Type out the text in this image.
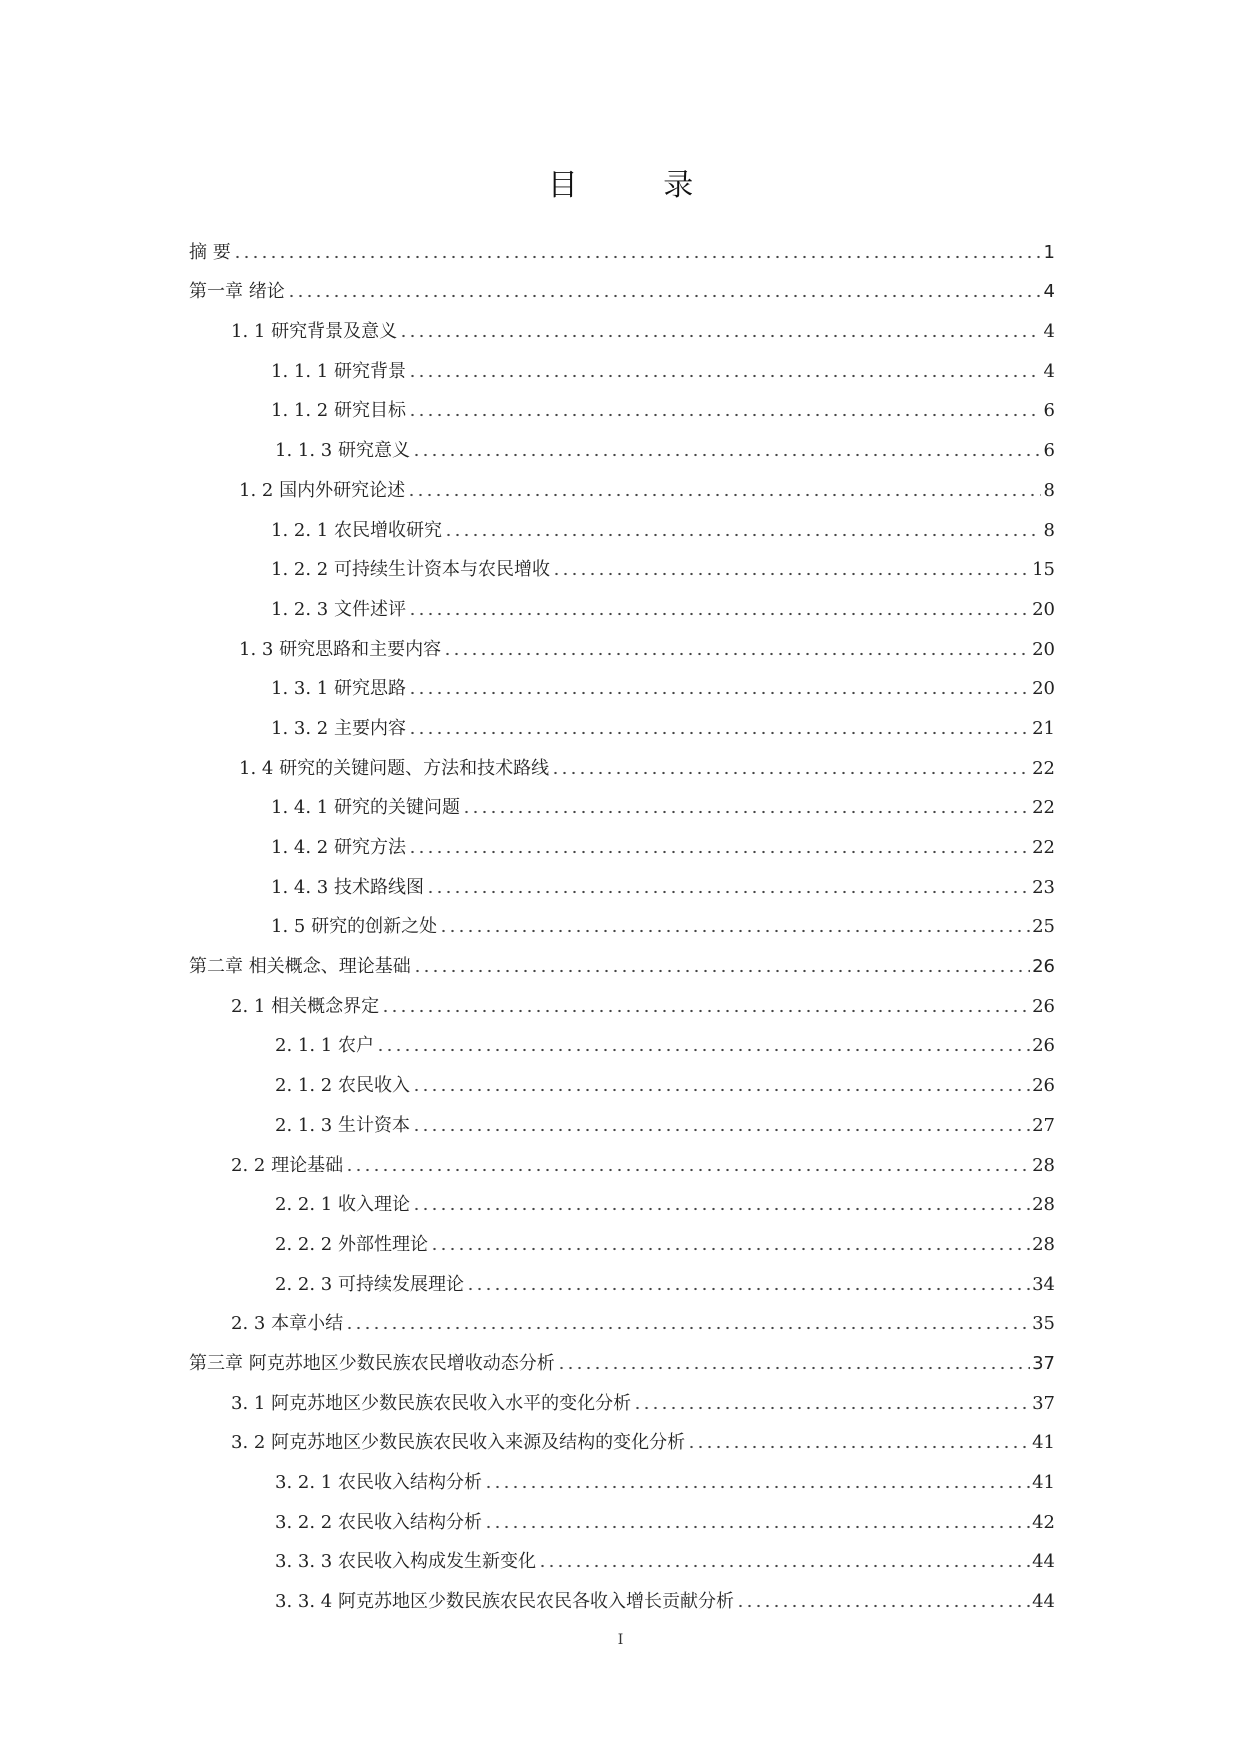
目 录
摘 要	1
第一章 绪论	4
1. 1 研究背景及意义	4
1. 1. 1 研究背景	4
1. 1. 2 研究目标	6
1. 1. 3 研究意义	6
1. 2 国内外研究论述	8
1. 2. 1 农民增收研究	8
1. 2. 2 可持续生计资本与农民增收	15
1. 2. 3 文件述评	20
1. 3 研究思路和主要内容	20
1. 3. 1 研究思路	20
1. 3. 2 主要内容	21
1. 4 研究的关键问题、方法和技术路线	22
1. 4. 1 研究的关键问题	22
1. 4. 2 研究方法	22
1. 4. 3 技术路线图	23
1. 5 研究的创新之处	25
第二章 相关概念、理论基础	26
2. 1 相关概念界定	26
2. 1. 1 农户	26
2. 1. 2 农民收入	26
2. 1. 3 生计资本	27
2. 2 理论基础	28
2. 2. 1 收入理论	28
2. 2. 2 外部性理论	28
2. 2. 3 可持续发展理论	34
2. 3 本章小结	35
第三章 阿克苏地区少数民族农民增收动态分析	37
3. 1 阿克苏地区少数民族农民收入水平的变化分析	37
3. 2 阿克苏地区少数民族农民收入来源及结构的变化分析	41
3. 2. 1 农民收入结构分析	41
3. 2. 2 农民收入结构分析	42
3. 3. 3 农民收入构成发生新变化	44
3. 3. 4 阿克苏地区少数民族农民农民各收入增长贡献分析	44
I
